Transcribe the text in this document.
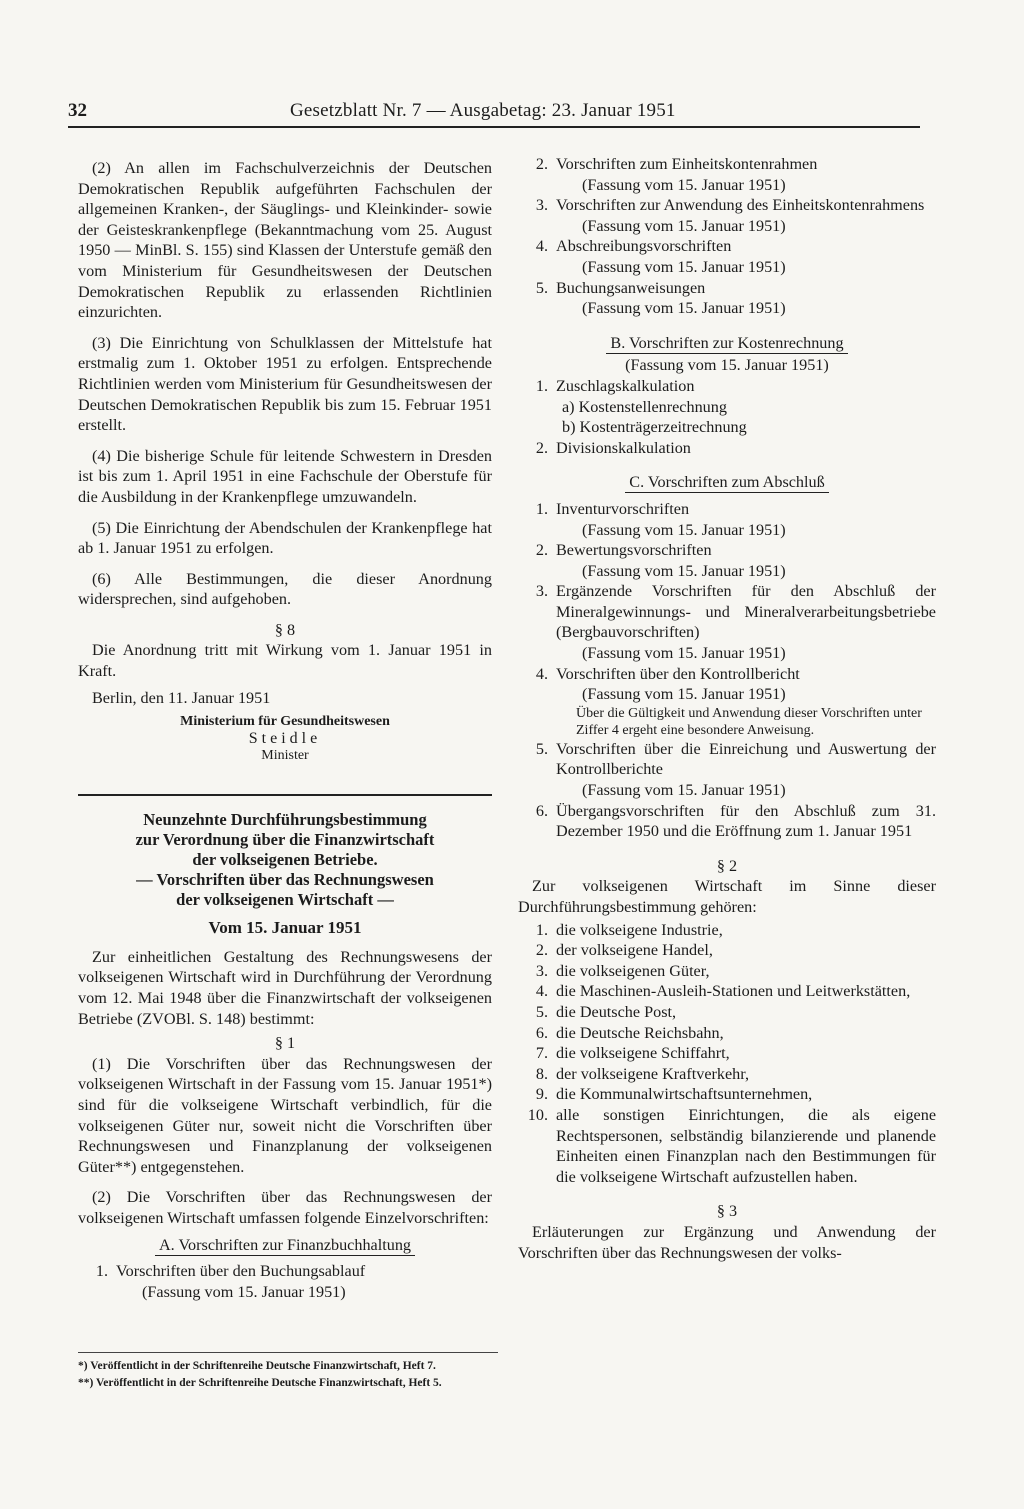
32	Gesetzblatt Nr. 7 — Ausgabetag: 23. Januar 1951

(2) An allen im Fachschulverzeichnis der Deutschen Demokratischen Republik aufgeführten Fachschulen der allgemeinen Kranken-, der Säuglings- und Kleinkinder- sowie der Geisteskrankenpflege (Bekanntmachung vom 25. August 1950 — MinBl. S. 155) sind Klassen der Unterstufe gemäß den vom Ministerium für Gesundheitswesen der Deutschen Demokratischen Republik zu erlassenden Richtlinien einzurichten.

(3) Die Einrichtung von Schulklassen der Mittelstufe hat erstmalig zum 1. Oktober 1951 zu erfolgen. Entsprechende Richtlinien werden vom Ministerium für Gesundheitswesen der Deutschen Demokratischen Republik bis zum 15. Februar 1951 erstellt.

(4) Die bisherige Schule für leitende Schwestern in Dresden ist bis zum 1. April 1951 in eine Fachschule der Oberstufe für die Ausbildung in der Krankenpflege umzuwandeln.

(5) Die Einrichtung der Abendschulen der Krankenpflege hat ab 1. Januar 1951 zu erfolgen.

(6) Alle Bestimmungen, die dieser Anordnung widersprechen, sind aufgehoben.

§ 8

Die Anordnung tritt mit Wirkung vom 1. Januar 1951 in Kraft.

Berlin, den 11. Januar 1951

Ministerium für Gesundheitswesen
Steidle
Minister
Neunzehnte Durchführungsbestimmung
zur Verordnung über die Finanzwirtschaft
der volkseigenen Betriebe.
— Vorschriften über das Rechnungswesen
der volkseigenen Wirtschaft —
Vom 15. Januar 1951

Zur einheitlichen Gestaltung des Rechnungswesens der volkseigenen Wirtschaft wird in Durchführung der Verordnung vom 12. Mai 1948 über die Finanzwirtschaft der volkseigenen Betriebe (ZVOBl. S. 148) bestimmt:

§ 1

(1) Die Vorschriften über das Rechnungswesen der volkseigenen Wirtschaft in der Fassung vom 15. Januar 1951*) sind für die volkseigene Wirtschaft verbindlich, für die volkseigenen Güter nur, soweit nicht die Vorschriften über Rechnungswesen und Finanzplanung der volkseigenen Güter**) entgegenstehen.

(2) Die Vorschriften über das Rechnungswesen der volkseigenen Wirtschaft umfassen folgende Einzelvorschriften:

A. Vorschriften zur Finanzbuchhaltung
1. Vorschriften über den Buchungsablauf
(Fassung vom 15. Januar 1951)

*) Veröffentlicht in der Schriftenreihe Deutsche Finanzwirtschaft, Heft 7.

**) Veröffentlicht in der Schriftenreihe Deutsche Finanzwirtschaft, Heft 5.

2. Vorschriften zum Einheitskontenrahmen
(Fassung vom 15. Januar 1951)
3. Vorschriften zur Anwendung des Einheitskontenrahmens
(Fassung vom 15. Januar 1951)
4. Abschreibungsvorschriften
(Fassung vom 15. Januar 1951)
5. Buchungsanweisungen
(Fassung vom 15. Januar 1951)
B. Vorschriften zur Kostenrechnung

(Fassung vom 15. Januar 1951)

1. Zuschlagskalkulation
a) Kostenstellenrechnung
b) Kostenträgerzeitrechnung
2. Divisionskalkulation
C. Vorschriften zum Abschluß
1. Inventurvorschriften
(Fassung vom 15. Januar 1951)
2. Bewertungsvorschriften
(Fassung vom 15. Januar 1951)
3. Ergänzende Vorschriften für den Abschluß der Mineralgewinnungs- und Mineralverarbeitungsbetriebe (Bergbauvorschriften)
(Fassung vom 15. Januar 1951)
4. Vorschriften über den Kontrollbericht
(Fassung vom 15. Januar 1951)
Über die Gültigkeit und Anwendung dieser Vorschriften unter Ziffer 4 ergeht eine besondere Anweisung.
5. Vorschriften über die Einreichung und Auswertung der Kontrollberichte
(Fassung vom 15. Januar 1951)
6. Übergangsvorschriften für den Abschluß zum 31. Dezember 1950 und die Eröffnung zum 1. Januar 1951

§ 2

Zur volkseigenen Wirtschaft im Sinne dieser Durchführungsbestimmung gehören:

1. die volkseigene Industrie,
2. der volkseigene Handel,
3. die volkseigenen Güter,
4. die Maschinen-Ausleih-Stationen und Leitwerkstätten,
5. die Deutsche Post,
6. die Deutsche Reichsbahn,
7. die volkseigene Schiffahrt,
8. der volkseigene Kraftverkehr,
9. die Kommunalwirtschaftsunternehmen,
10. alle sonstigen Einrichtungen, die als eigene Rechtspersonen, selbständig bilanzierende und planende Einheiten einen Finanzplan nach den Bestimmungen für die volkseigene Wirtschaft aufzustellen haben.

§ 3

Erläuterungen zur Ergänzung und Anwendung der Vorschriften über das Rechnungswesen der volks-
